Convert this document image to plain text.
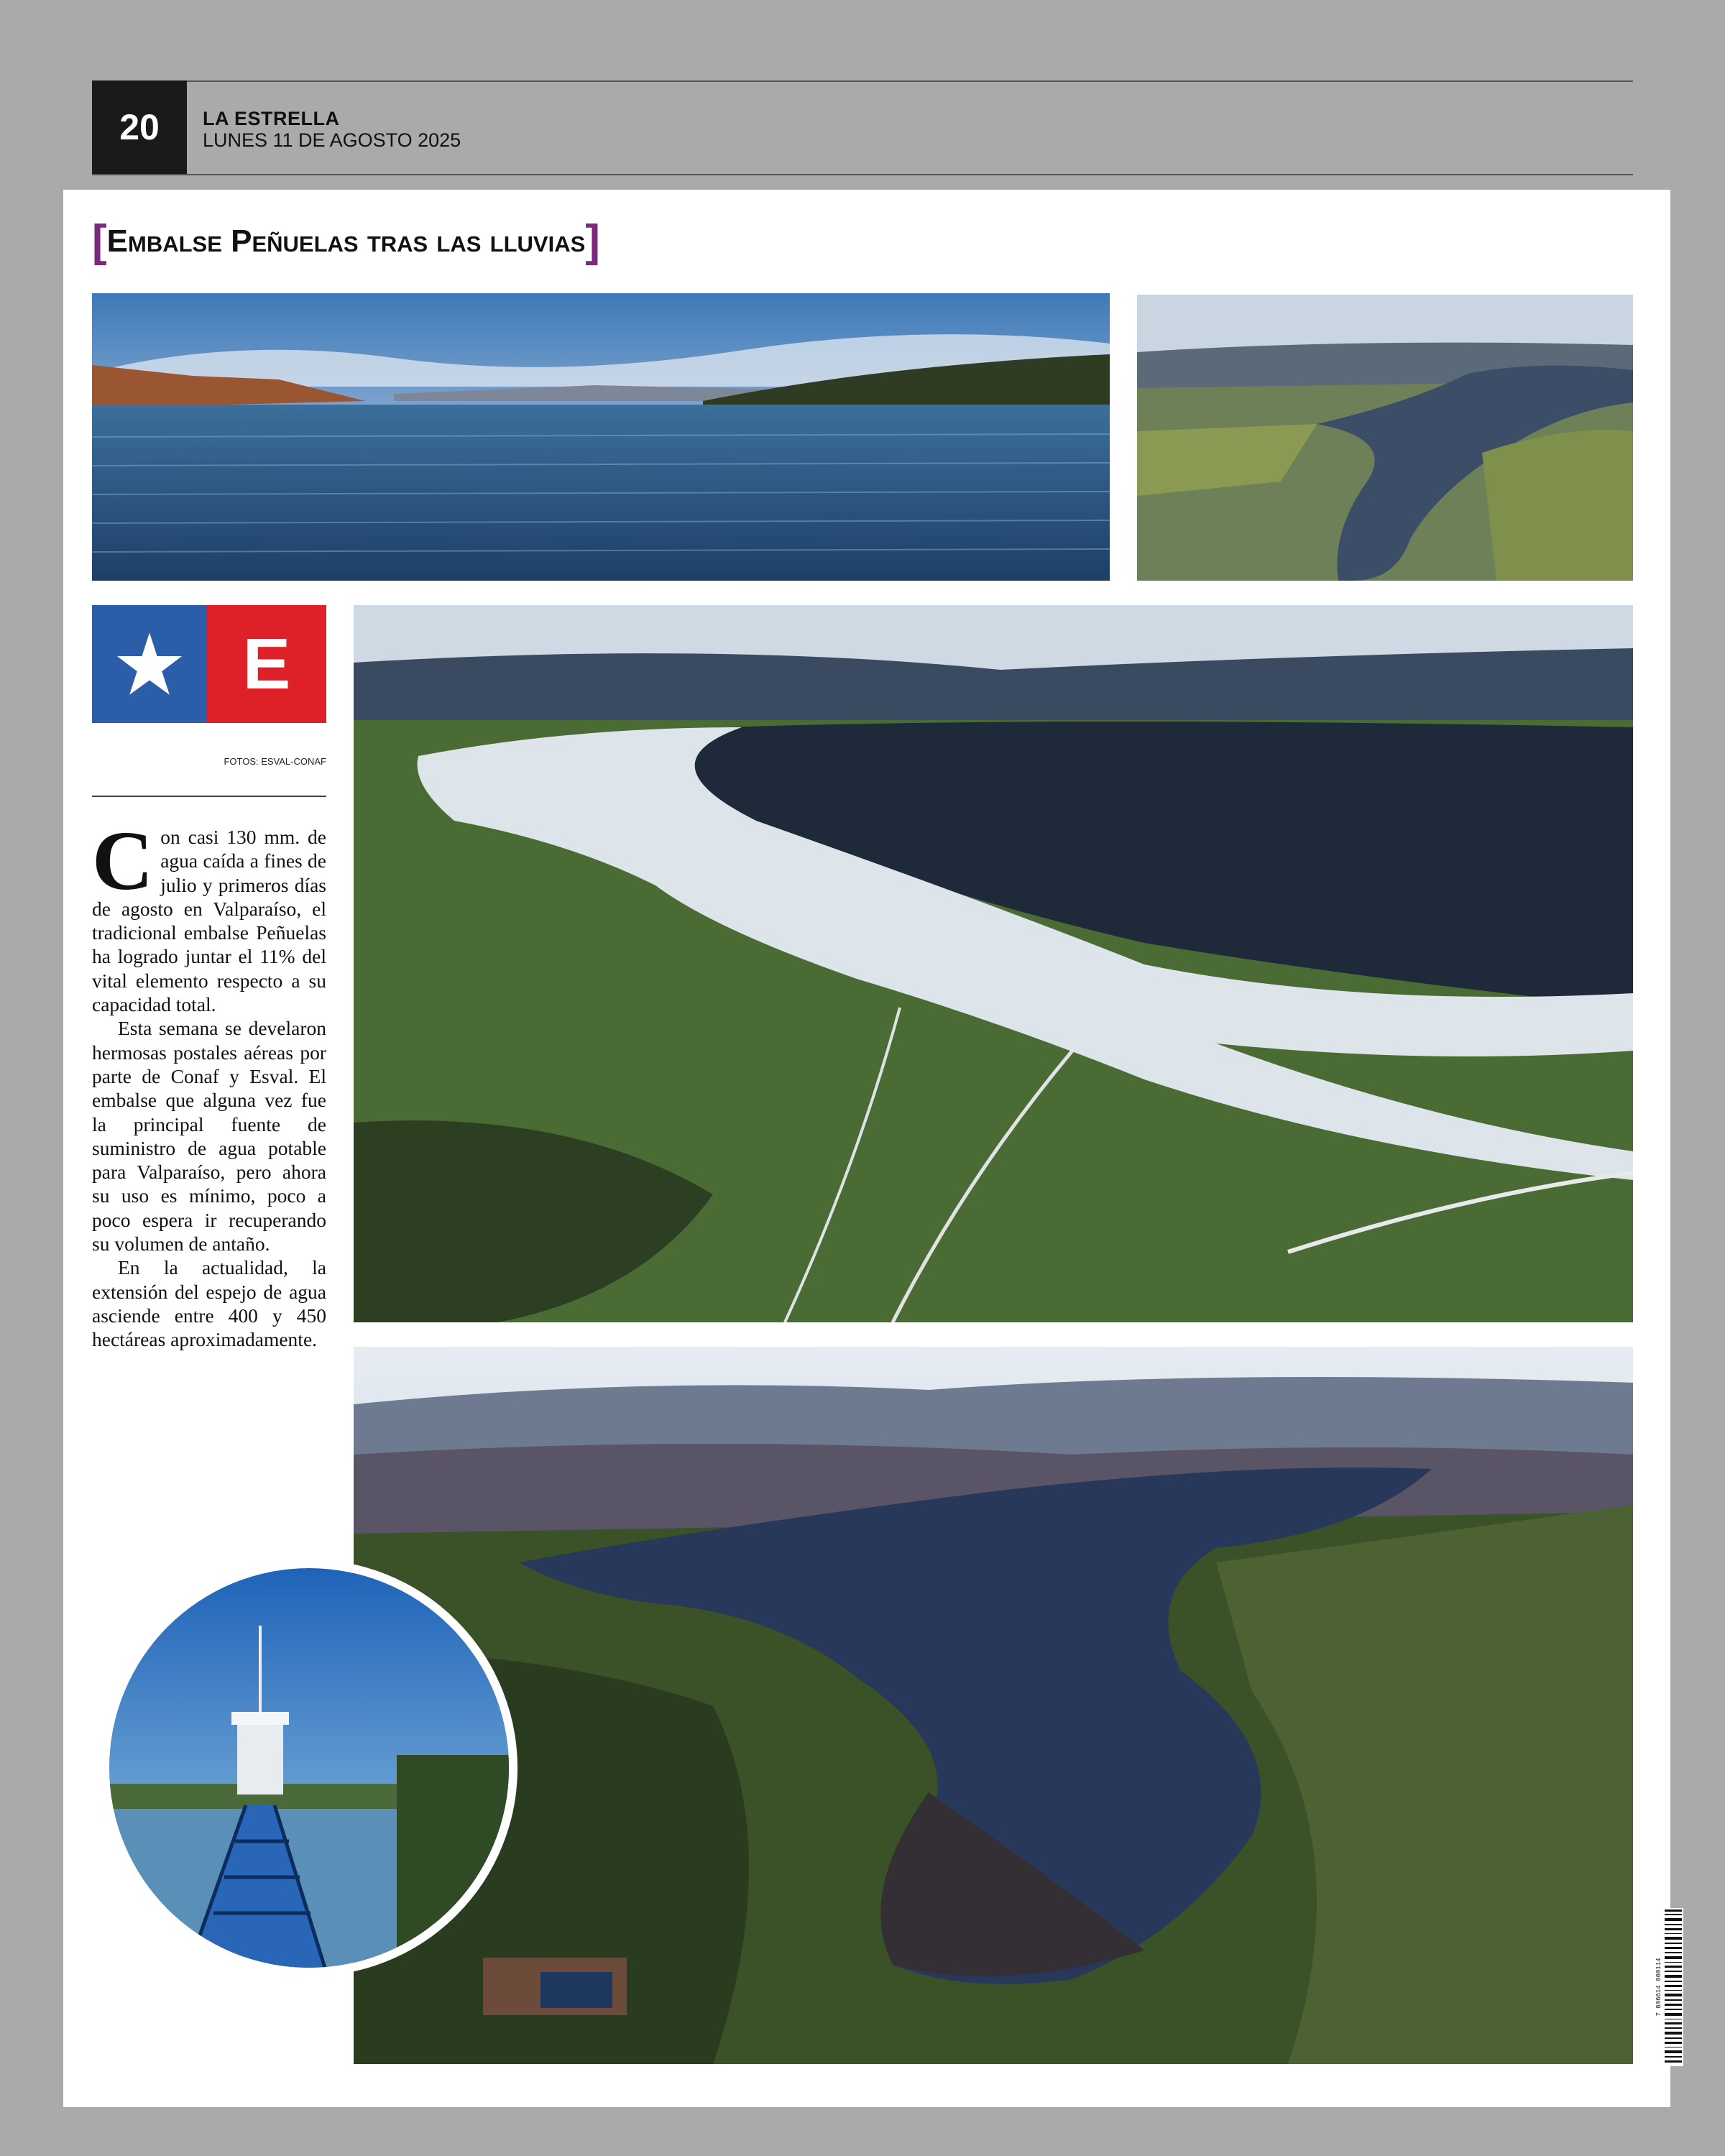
20	LA ESTRELLA
LUNES 11 DE AGOSTO 2025
[Embalse Peñuelas tras las lluvias]
E
FOTOS: ESVAL-CONAF

Con casi 130 mm. de agua caída a fines de julio y primeros días de agosto en Valparaíso, el tradicional embalse Peñuelas ha logrado juntar el 11% del vital elemento respecto a su capacidad total.

Esta semana se develaron hermosas postales aéreas por parte de Conaf y Esval. El embalse que alguna vez fue la principal fuente de suministro de agua potable para Valparaíso, pero ahora su uso es mínimo, poco a poco espera ir recuperando su volumen de antaño.

En la actualidad, la extensión del espejo de agua asciende entre 400 y 450 hectáreas aproximadamente.

7 806614 000114
